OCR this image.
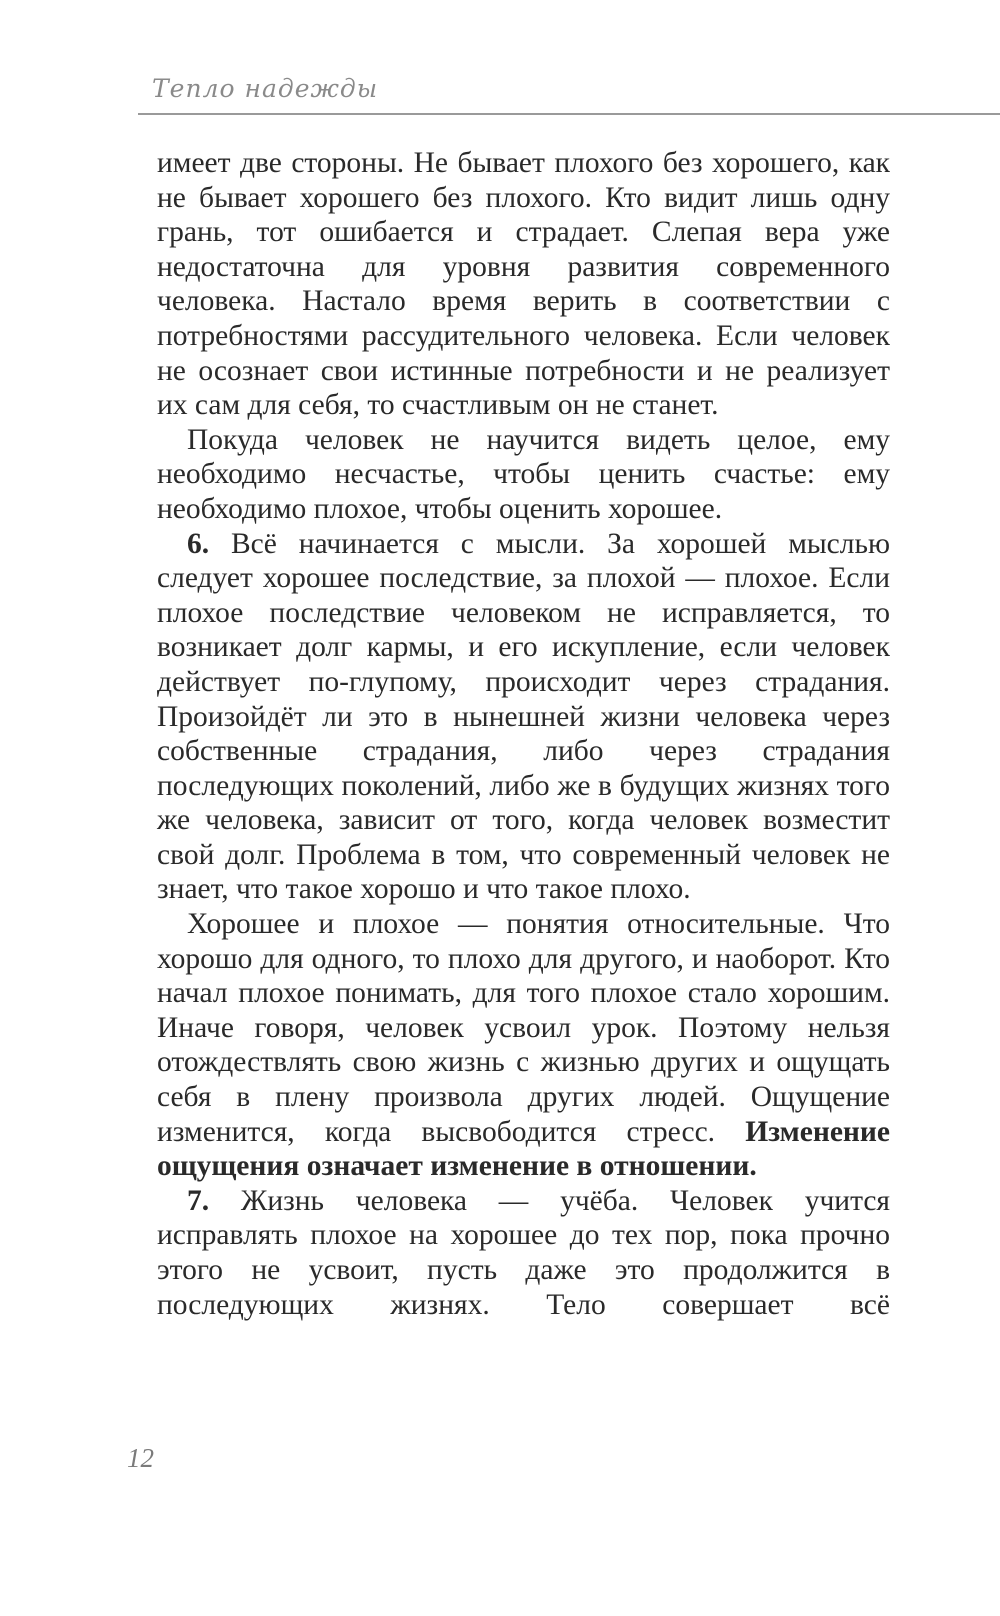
Тепло надежды

имеет две стороны. Не бывает плохого без хорошего, как не бывает хорошего без плохого. Кто видит лишь одну грань, тот ошибается и страдает. Слепая вера уже недостаточна для уровня развития современного человека. Настало время верить в соответствии с потребностями рассудительного человека. Если человек не осознает свои истинные потребности и не реализует их сам для себя, то счастливым он не станет.

Покуда человек не научится видеть целое, ему необходимо несчастье, чтобы ценить счастье: ему необходимо плохое, чтобы оценить хорошее.

6. Всё начинается с мысли. За хорошей мыслью следует хорошее последствие, за плохой — плохое. Если плохое последствие человеком не исправляется, то возникает долг кармы, и его искупление, если человек действует по-глупому, происходит через страдания. Произойдёт ли это в нынешней жизни человека через собственные страдания, либо через страдания последующих поколений, либо же в будущих жизнях того же человека, зависит от того, когда человек возместит свой долг. Проблема в том, что современный человек не знает, что такое хорошо и что такое плохо.

Хорошее и плохое — понятия относительные. Что хорошо для одного, то плохо для другого, и наоборот. Кто начал плохое понимать, для того плохое стало хорошим. Иначе говоря, человек усвоил урок. Поэтому нельзя отождествлять свою жизнь с жизнью других и ощущать себя в плену произвола других людей. Ощущение изменится, когда высвободится стресс. Изменение ощущения означает изменение в отношении.

7. Жизнь человека — учёба. Человек учится исправлять плохое на хорошее до тех пор, пока прочно этого не усвоит, пусть даже это продолжится в последующих жизнях. Тело совершает всё

12
